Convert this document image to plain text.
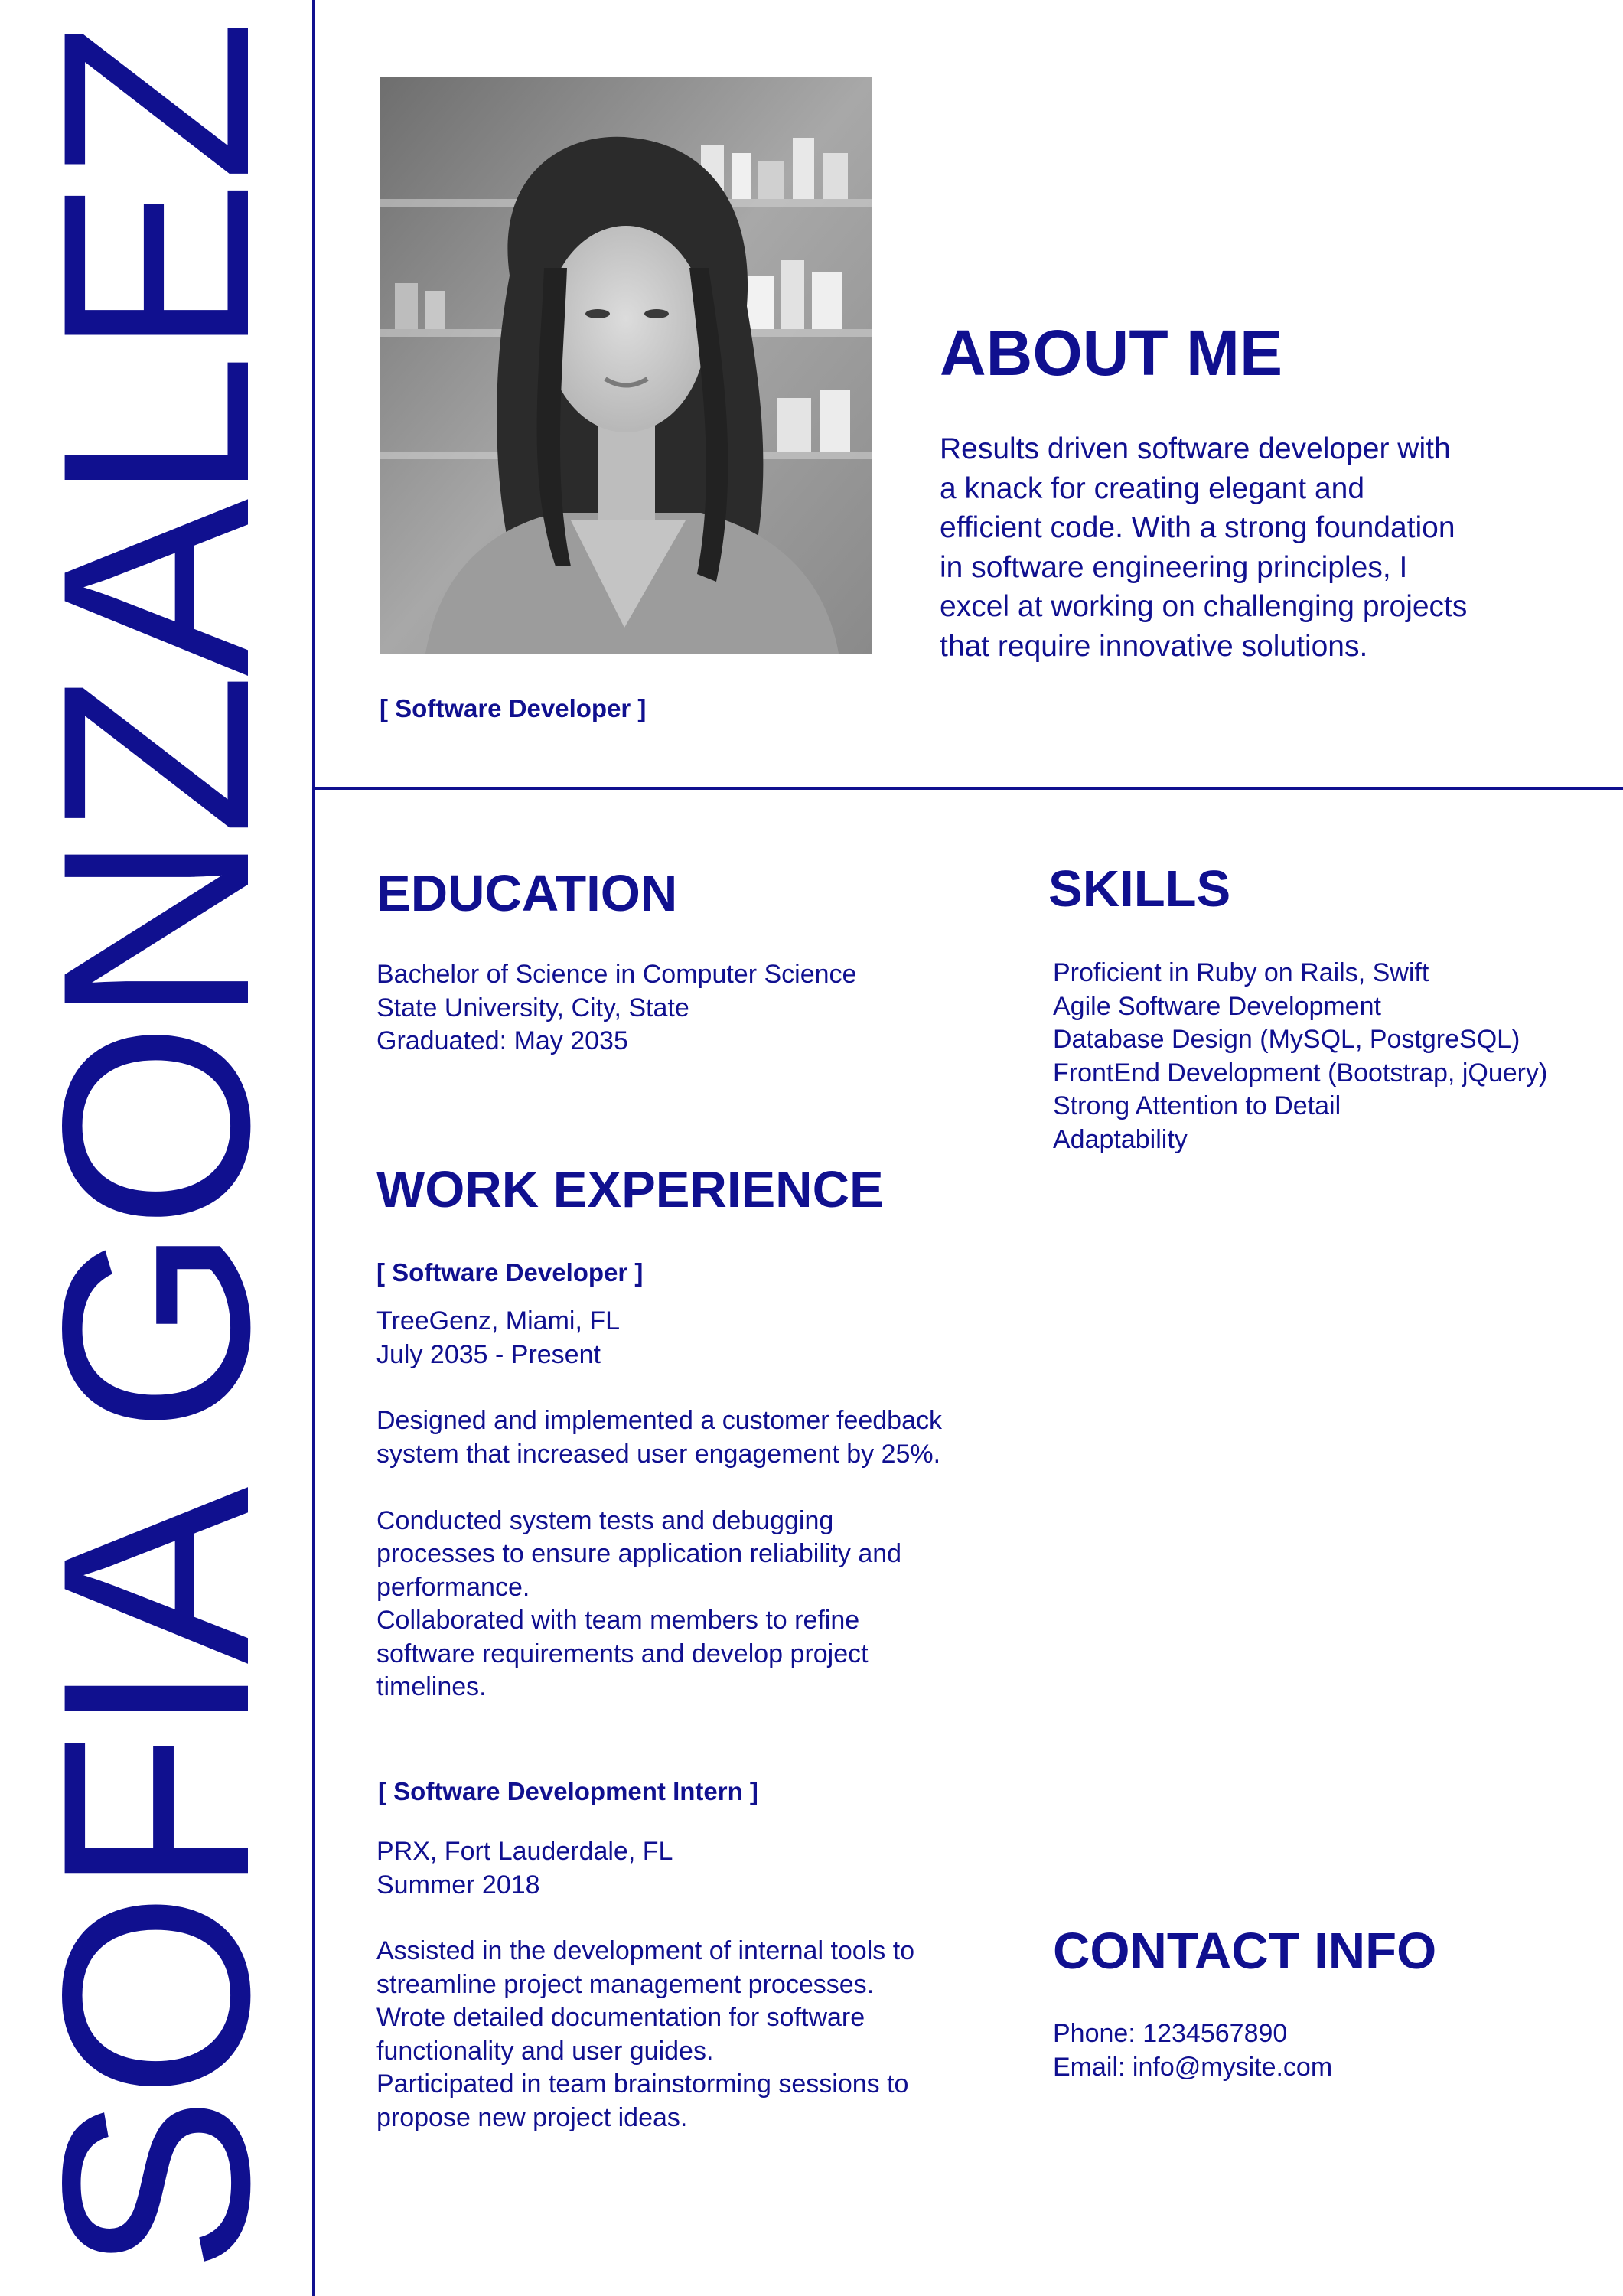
SOFIA GONZALEZ	[ Software Developer ]
ABOUT ME
Results driven software developer with
a knack for creating elegant and
efficient code. With a strong foundation
in software engineering principles, I
excel at working on challenging projects
that require innovative solutions.
EDUCATION
Bachelor of Science in Computer Science
State University, City, State
Graduated: May 2035
SKILLS
Proficient in Ruby on Rails, Swift
Agile Software Development
Database Design (MySQL, PostgreSQL)
FrontEnd Development (Bootstrap, jQuery)
Strong Attention to Detail
Adaptability
WORK EXPERIENCE
[ Software Developer ]
TreeGenz, Miami, FL
July 2035 - Present
Designed and implemented a customer feedback
system that increased user engagement by 25%.
Conducted system tests and debugging
processes to ensure application reliability and
performance.
Collaborated with team members to refine
software requirements and develop project
timelines.
[ Software Development Intern ]
PRX, Fort Lauderdale, FL
Summer 2018
Assisted in the development of internal tools to
streamline project management processes.
Wrote detailed documentation for software
functionality and user guides.
Participated in team brainstorming sessions to
propose new project ideas.
CONTACT INFO
Phone: 1234567890
Email: info@mysite.com
